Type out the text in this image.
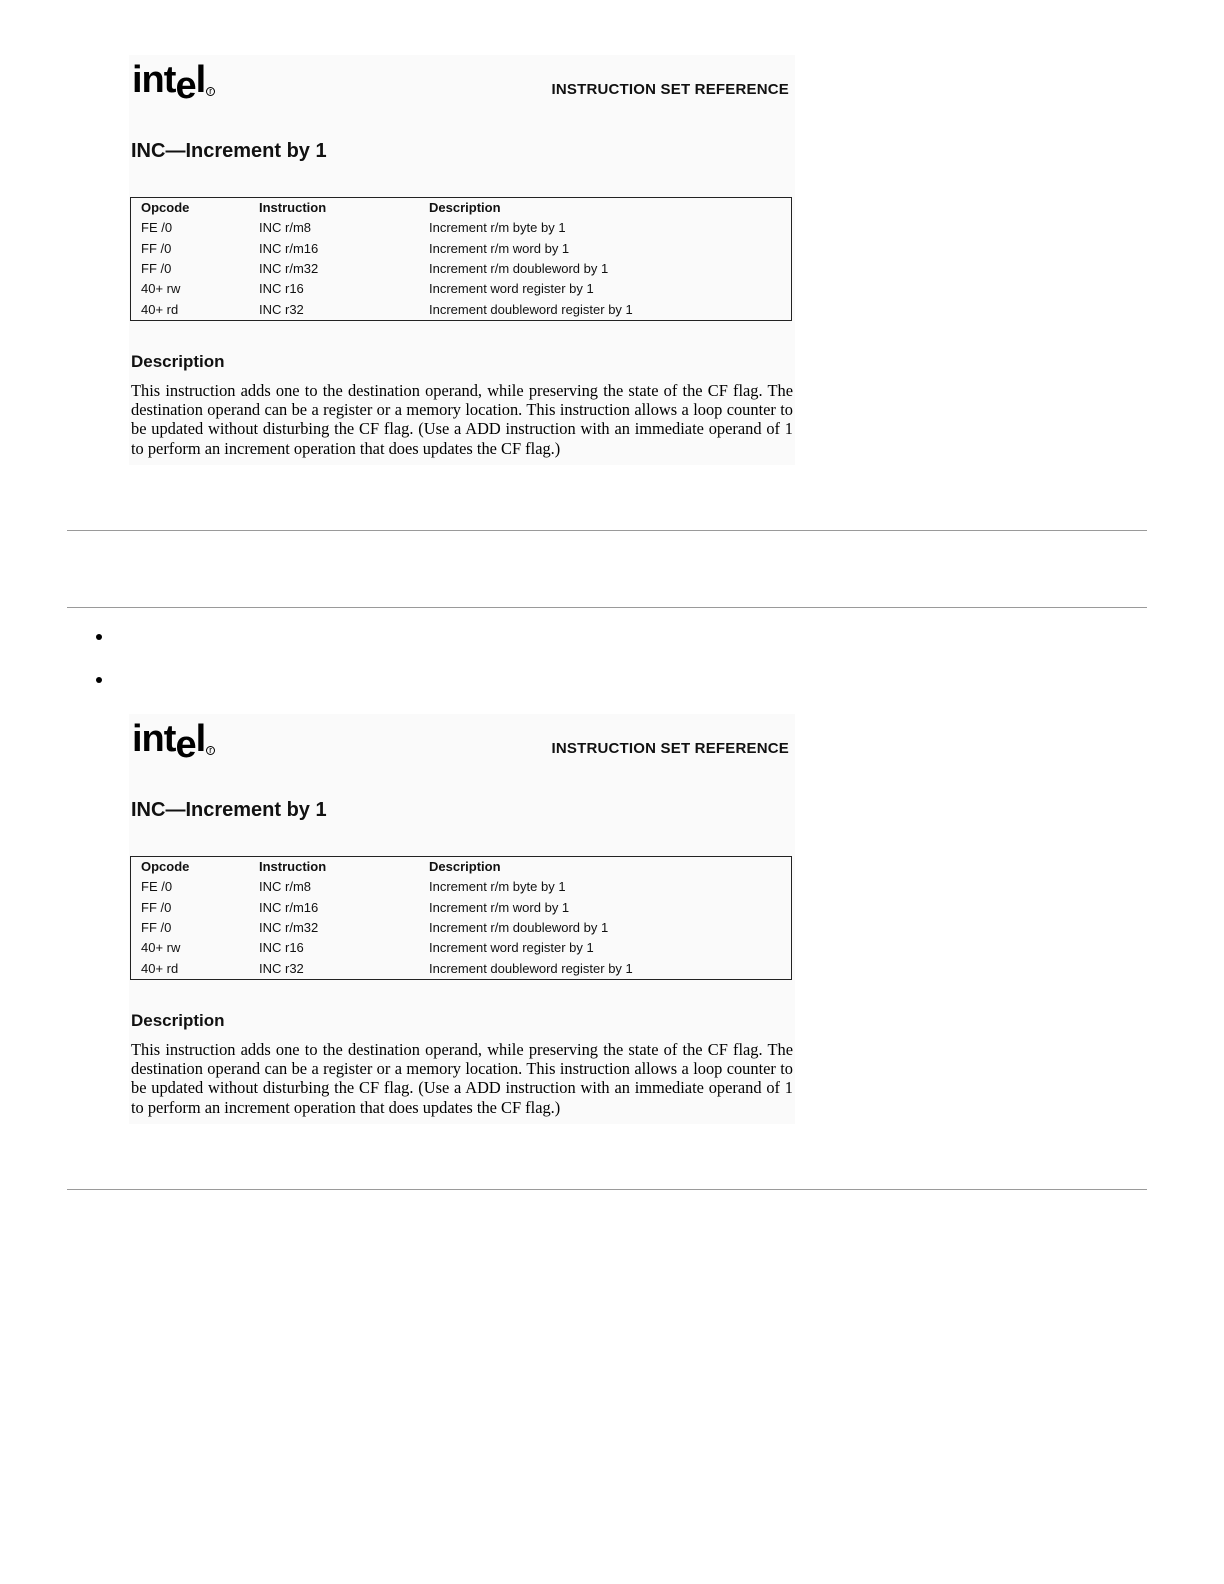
intel r	INSTRUCTION SET REFERENCE
INC—Increment by 1
Opcode	Instruction	Description
FE /0	INC r/m8	Increment r/m byte by 1
FF /0	INC r/m16	Increment r/m word by 1
FF /0	INC r/m32	Increment r/m doubleword by 1
40+ rw	INC r16	Increment word register by 1
40+ rd	INC r32	Increment doubleword register by 1
Description
This instruction adds one to the destination operand, while preserving the state of the CF flag. The destination operand can be a register or a memory location. This instruction allows a loop counter to be updated without disturbing the CF flag. (Use a ADD instruction with an immediate operand of 1 to perform an increment operation that does updates the CF flag.)
intel r	INSTRUCTION SET REFERENCE
INC—Increment by 1
Opcode	Instruction	Description
FE /0	INC r/m8	Increment r/m byte by 1
FF /0	INC r/m16	Increment r/m word by 1
FF /0	INC r/m32	Increment r/m doubleword by 1
40+ rw	INC r16	Increment word register by 1
40+ rd	INC r32	Increment doubleword register by 1
Description
This instruction adds one to the destination operand, while preserving the state of the CF flag. The destination operand can be a register or a memory location. This instruction allows a loop counter to be updated without disturbing the CF flag. (Use a ADD instruction with an immediate operand of 1 to perform an increment operation that does updates the CF flag.)
